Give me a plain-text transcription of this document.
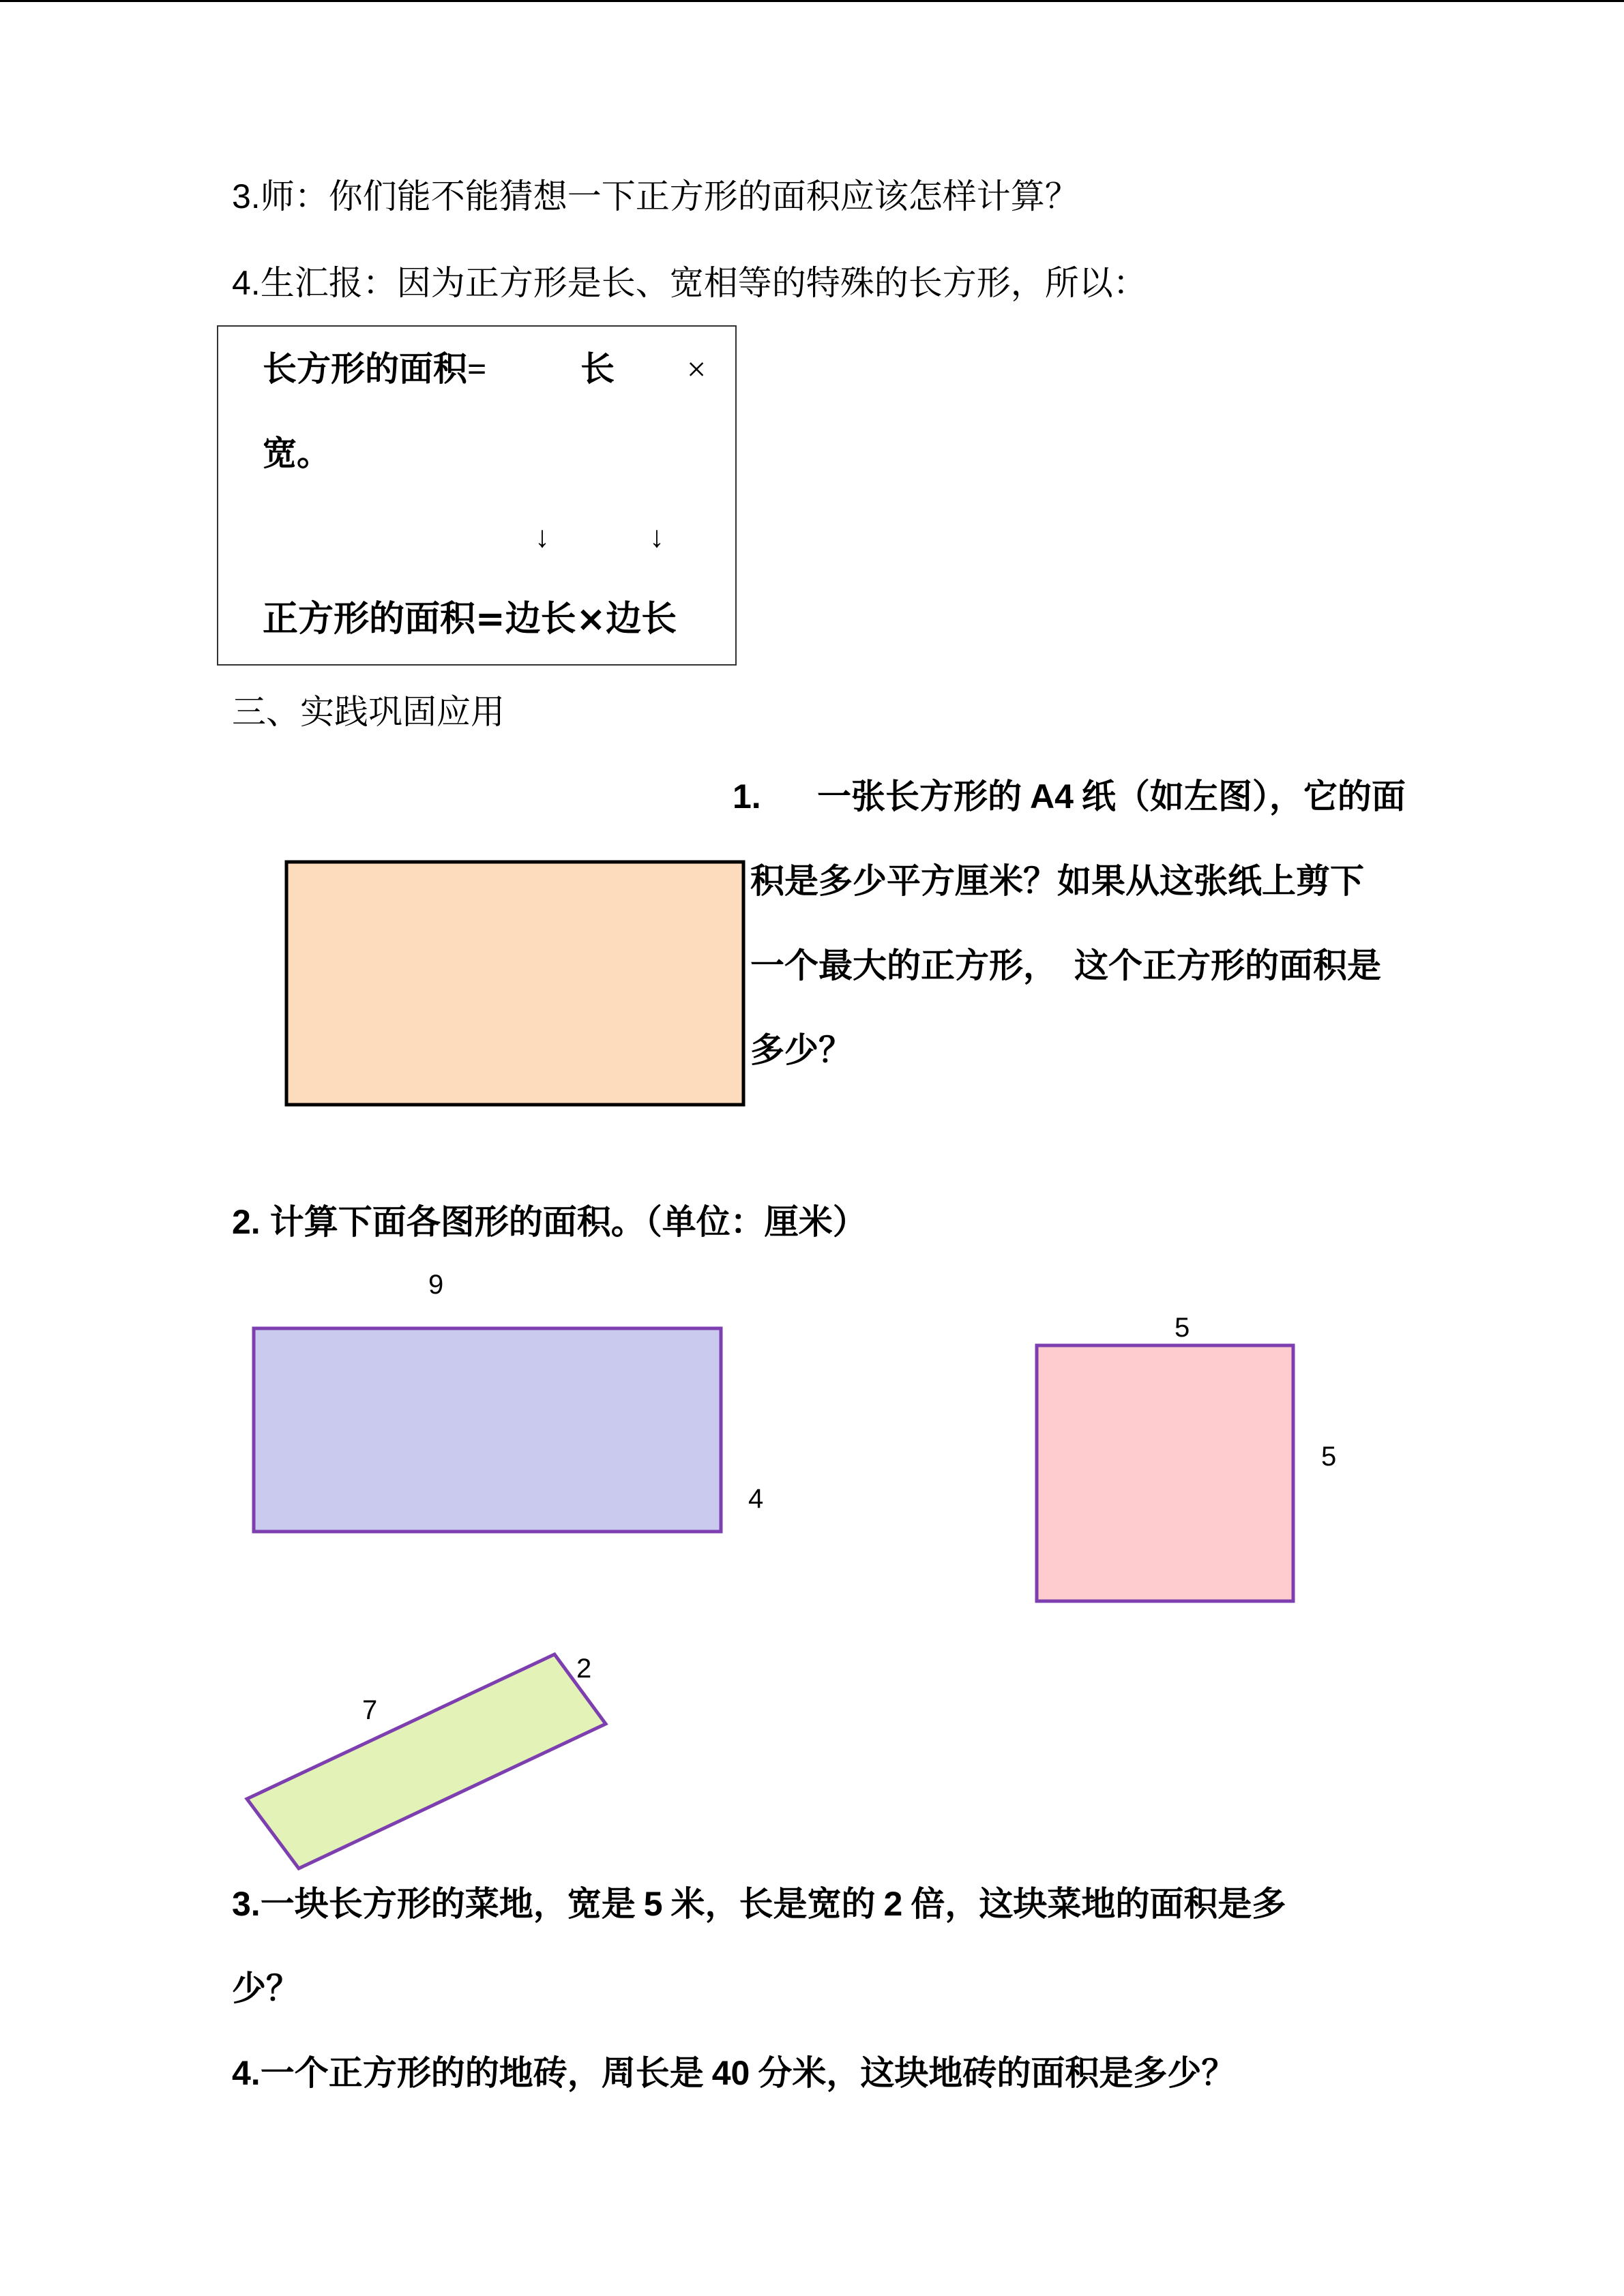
3.师：你们能不能猜想一下正方形的面积应该怎样计算？
4.生汇报：因为正方形是长、宽相等的特殊的长方形，所以：
长方形的面积=	长 ×
宽。
↓	↓
正方形的面积=边长×边长
三、实践巩固应用
1. 一张长方形的 A4 纸（如左图），它的面
积是多少平方厘米？如果从这张纸上剪下
一个最大的正方形，　这个正方形的面积是
多少？
2. 计算下面各图形的面积。（单位：厘米）
9
4
5
5
7
2
3.一块长方形的菜地，宽是 5 米，长是宽的 2 倍，这块菜地的面积是多
少？
4.一个正方形的的地砖，周长是 40 分米，这块地砖的面积是多少？
